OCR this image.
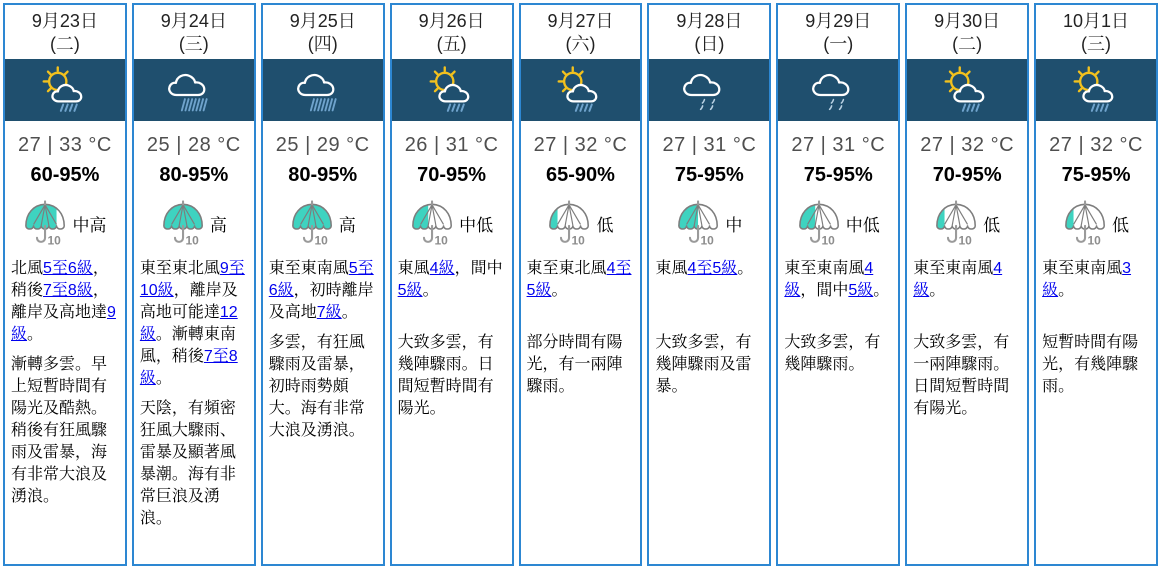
9月23日
(二)
27 | 33 °C
60-95%
10
中高

北風5至6級，稍後7至8級，離岸及高地達9級。

漸轉多雲。早上短暫時間有陽光及酷熱。稍後有狂風驟雨及雷暴，海有非常大浪及湧浪。

9月24日
(三)
25 | 28 °C
80-95%
10
高

東至東北風9至10級，離岸及高地可能達12級。漸轉東南風，稍後7至8級。

天陰，有頻密狂風大驟雨、雷暴及顯著風暴潮。海有非常巨浪及湧浪。

9月25日
(四)
25 | 29 °C
80-95%
10
高

東至東南風5至6級，初時離岸及高地7級。

多雲，有狂風驟雨及雷暴，初時雨勢頗大。海有非常大浪及湧浪。

9月26日
(五)
26 | 31 °C
70-95%
10
中低

東風4級，間中5級。

大致多雲，有幾陣驟雨。日間短暫時間有陽光。

9月27日
(六)
27 | 32 °C
65-90%
10
低

東至東北風4至5級。

部分時間有陽光，有一兩陣驟雨。

9月28日
(日)
27 | 31 °C
75-95%
10
中

東風4至5級。

大致多雲，有幾陣驟雨及雷暴。

9月29日
(一)
27 | 31 °C
75-95%
10
中低

東至東南風4級，間中5級。

大致多雲，有幾陣驟雨。

9月30日
(二)
27 | 32 °C
70-95%
10
低

東至東南風4級。

大致多雲，有一兩陣驟雨。日間短暫時間有陽光。

10月1日
(三)
27 | 32 °C
75-95%
10
低

東至東南風3級。

短暫時間有陽光，有幾陣驟雨。
